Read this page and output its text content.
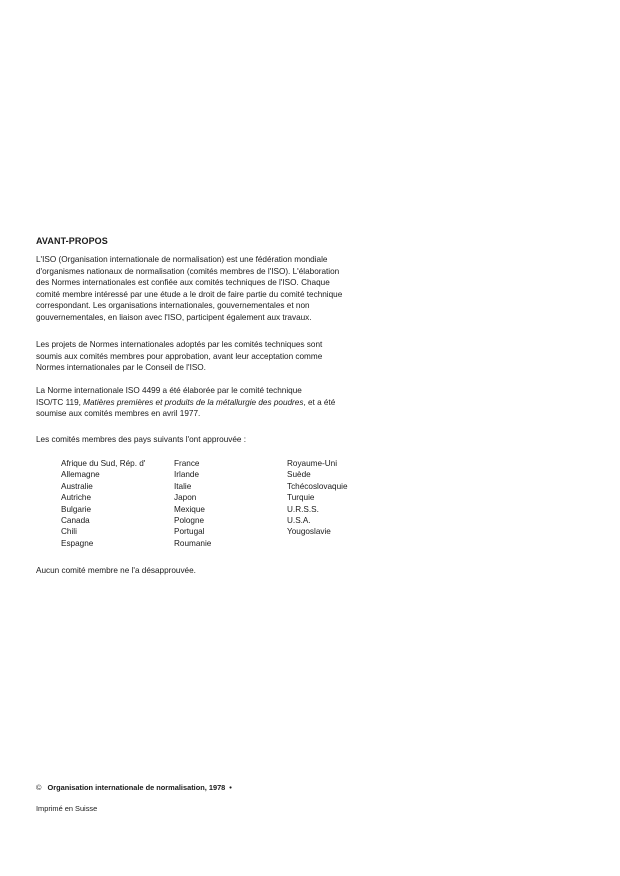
AVANT-PROPOS
L'ISO (Organisation internationale de normalisation) est une fédération mondiale
d'organismes nationaux de normalisation (comités membres de l'ISO). L'élaboration
des Normes internationales est confiée aux comités techniques de l'ISO. Chaque
comité membre intéressé par une étude a le droit de faire partie du comité technique
correspondant. Les organisations internationales, gouvernementales et non
gouvernementales, en liaison avec l'ISO, participent également aux travaux.
Les projets de Normes internationales adoptés par les comités techniques sont
soumis aux comités membres pour approbation, avant leur acceptation comme
Normes internationales par le Conseil de l'ISO.
La Norme internationale ISO 4499 a été élaborée par le comité technique
ISO/TC 119, Matières premières et produits de la métallurgie des poudres, et a été
soumise aux comités membres en avril 1977.
Les comités membres des pays suivants l'ont approuvée :
Afrique du Sud, Rép. d'
Allemagne
Australie
Autriche
Bulgarie
Canada
Chili
Espagne
France
Irlande
Italie
Japon
Mexique
Pologne
Portugal
Roumanie
Royaume-Uni
Suède
Tchécoslovaquie
Turquie
U.R.S.S.
U.S.A.
Yougoslavie
Aucun comité membre ne l'a désapprouvée.
© Organisation internationale de normalisation, 1978 •
Imprimé en Suisse
